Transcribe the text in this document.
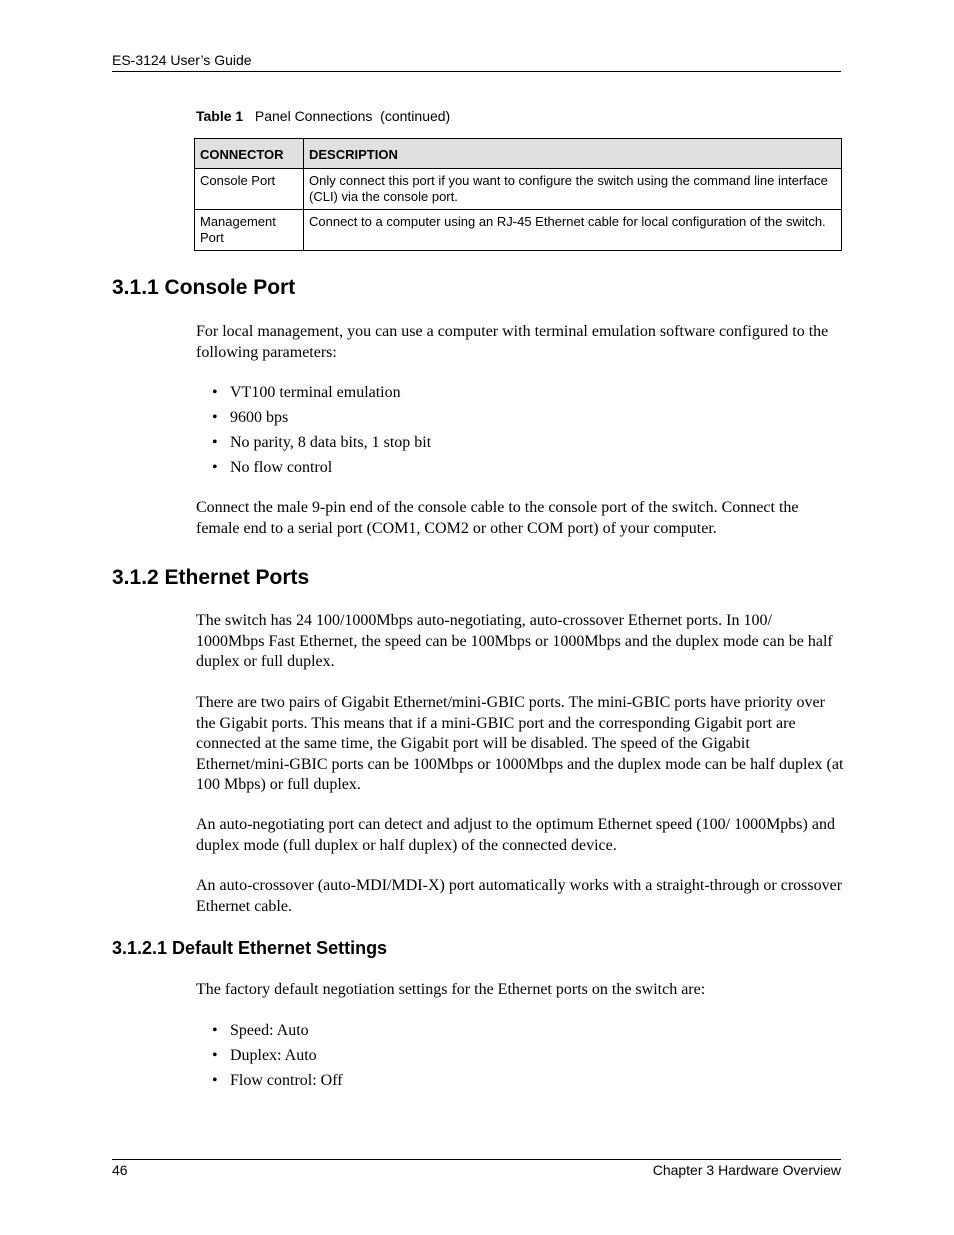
ES-3124 User’s Guide
Table 1 Panel Connections  (continued)
CONNECTOR	DESCRIPTION
Console Port	Only connect this port if you want to configure the switch using the command line interface (CLI) via the console port.
Management Port	Connect to a computer using an RJ-45 Ethernet cable for local configuration of the switch.
3.1.1 Console Port

For local management, you can use a computer with terminal emulation software configured to the following parameters:

• VT100 terminal emulation
• 9600 bps
• No parity, 8 data bits, 1 stop bit
• No flow control

Connect the male 9-pin end of the console cable to the console port of the switch. Connect the female end to a serial port (COM1, COM2 or other COM port) of your computer.

3.1.2 Ethernet Ports

The switch has 24 100/1000Mbps auto-negotiating, auto-crossover Ethernet ports. In 100/ 1000Mbps Fast Ethernet, the speed can be 100Mbps or 1000Mbps and the duplex mode can be half duplex or full duplex.

There are two pairs of Gigabit Ethernet/mini-GBIC ports. The mini-GBIC ports have priority over the Gigabit ports. This means that if a mini-GBIC port and the corresponding Gigabit port are connected at the same time, the Gigabit port will be disabled. The speed of the Gigabit Ethernet/mini-GBIC ports can be 100Mbps or 1000Mbps and the duplex mode can be half duplex (at 100 Mbps) or full duplex.

An auto-negotiating port can detect and adjust to the optimum Ethernet speed (100/ 1000Mpbs) and duplex mode (full duplex or half duplex) of the connected device.

An auto-crossover (auto-MDI/MDI-X) port automatically works with a straight-through or crossover Ethernet cable.

3.1.2.1 Default Ethernet Settings

The factory default negotiation settings for the Ethernet ports on the switch are:

• Speed: Auto
• Duplex: Auto
• Flow control: Off
46	Chapter 3 Hardware Overview
